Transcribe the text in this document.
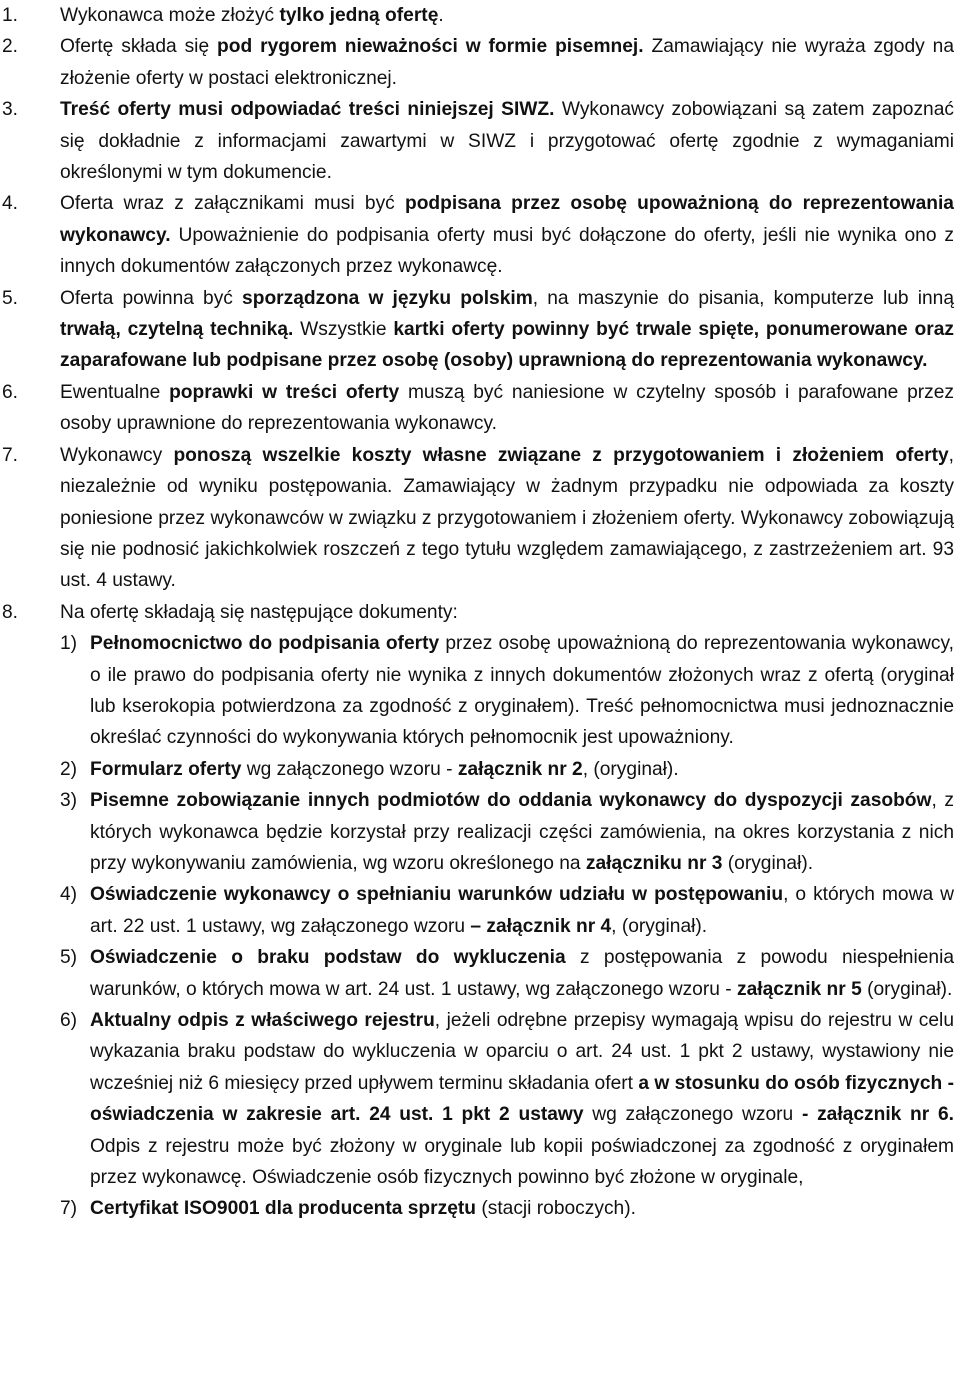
1. Wykonawca może złożyć tylko jedną ofertę.
2. Ofertę składa się pod rygorem nieważności w formie pisemnej. Zamawiający nie wyraża zgody na złożenie oferty w postaci elektronicznej.
3. Treść oferty musi odpowiadać treści niniejszej SIWZ. Wykonawcy zobowiązani są zatem zapoznać się dokładnie z informacjami zawartymi w SIWZ i przygotować ofertę zgodnie z wymaganiami określonymi w tym dokumencie.
4. Oferta wraz z załącznikami musi być podpisana przez osobę upoważnioną do reprezentowania wykonawcy. Upoważnienie do podpisania oferty musi być dołączone do oferty, jeśli nie wynika ono z innych dokumentów załączonych przez wykonawcę.
5. Oferta powinna być sporządzona w języku polskim, na maszynie do pisania, komputerze lub inną trwałą, czytelną techniką. Wszystkie kartki oferty powinny być trwale spięte, ponumerowane oraz zaparafowane lub podpisane przez osobę (osoby) uprawnioną do reprezentowania wykonawcy.
6. Ewentualne poprawki w treści oferty muszą być naniesione w czytelny sposób i parafowane przez osoby uprawnione do reprezentowania wykonawcy.
7. Wykonawcy ponoszą wszelkie koszty własne związane z przygotowaniem i złożeniem oferty, niezależnie od wyniku postępowania. Zamawiający w żadnym przypadku nie odpowiada za koszty poniesione przez wykonawców w związku z przygotowaniem i złożeniem oferty. Wykonawcy zobowiązują się nie podnosić jakichkolwiek roszczeń z tego tytułu względem zamawiającego, z zastrzeżeniem art. 93 ust. 4 ustawy.
8. Na ofertę składają się następujące dokumenty:
1) Pełnomocnictwo do podpisania oferty przez osobę upoważnioną do reprezentowania wykonawcy, o ile prawo do podpisania oferty nie wynika z innych dokumentów złożonych wraz z ofertą (oryginał lub kserokopia potwierdzona za zgodność z oryginałem). Treść pełnomocnictwa musi jednoznacznie określać czynności do wykonywania których pełnomocnik jest upoważniony.
2) Formularz oferty wg załączonego wzoru - załącznik nr 2, (oryginał).
3) Pisemne zobowiązanie innych podmiotów do oddania wykonawcy do dyspozycji zasobów, z których wykonawca będzie korzystał przy realizacji części zamówienia, na okres korzystania z nich przy wykonywaniu zamówienia, wg wzoru określonego na załączniku nr 3 (oryginał).
4) Oświadczenie wykonawcy o spełnianiu warunków udziału w postępowaniu, o których mowa w art. 22 ust. 1 ustawy, wg załączonego wzoru – załącznik nr 4, (oryginał).
5) Oświadczenie o braku podstaw do wykluczenia z postępowania z powodu niespełnienia warunków, o których mowa w art. 24 ust. 1 ustawy, wg załączonego wzoru - załącznik nr 5 (oryginał).
6) Aktualny odpis z właściwego rejestru, jeżeli odrębne przepisy wymagają wpisu do rejestru w celu wykazania braku podstaw do wykluczenia w oparciu o art. 24 ust. 1 pkt 2 ustawy, wystawiony nie wcześniej niż 6 miesięcy przed upływem terminu składania ofert a w stosunku do osób fizycznych - oświadczenia w zakresie art. 24 ust. 1 pkt 2 ustawy wg załączonego wzoru - załącznik nr 6. Odpis z rejestru może być złożony w oryginale lub kopii poświadczonej za zgodność z oryginałem przez wykonawcę. Oświadczenie osób fizycznych powinno być złożone w oryginale,
7) Certyfikat ISO9001 dla producenta sprzętu (stacji roboczych).
